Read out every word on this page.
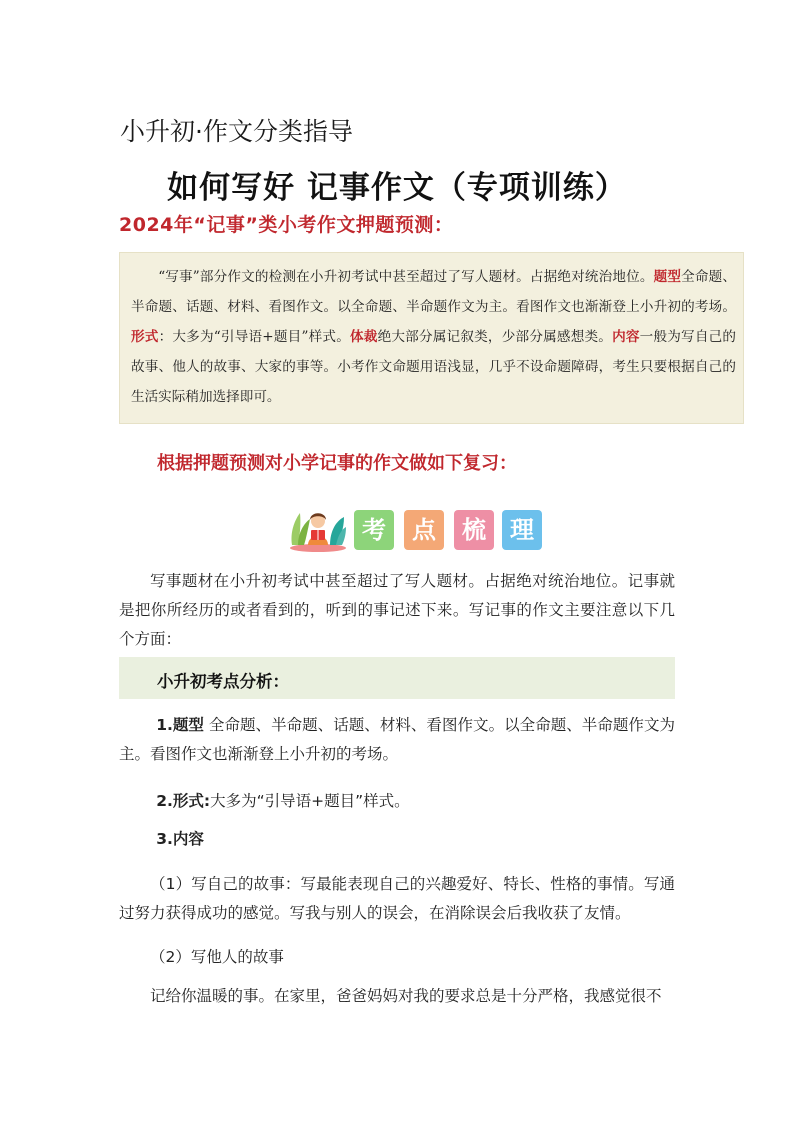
小升初·作文分类指导
如何写好 记事作文（专项训练）
2024年“记事”类小考作文押题预测：
“写事”部分作文的检测在小升初考试中甚至超过了写人题材。占据绝对统治地位。题型全命题、半命题、话题、材料、看图作文。以全命题、半命题作文为主。看图作文也渐渐登上小升初的考场。形式：大多为“引导语+题目”样式。体裁绝大部分属记叙类，少部分属感想类。内容一般为写自己的故事、他人的故事、大家的事等。小考作文命题用语浅显，几乎不设命题障碍，考生只要根据自己的生活实际稍加选择即可。
根据押题预测对小学记事的作文做如下复习：
考	点	梳	理
写事题材在小升初考试中甚至超过了写人题材。占据绝对统治地位。记事就是把你所经历的或者看到的，听到的事记述下来。写记事的作文主要注意以下几个方面：
小升初考点分析：
1.题型 全命题、半命题、话题、材料、看图作文。以全命题、半命题作文为主。看图作文也渐渐登上小升初的考场。
2.形式:大多为“引导语+题目”样式。
3.内容
（1）写自己的故事：写最能表现自己的兴趣爱好、特长、性格的事情。写通过努力获得成功的感觉。写我与别人的误会，在消除误会后我收获了友情。
（2）写他人的故事
记给你温暖的事。在家里，爸爸妈妈对我的要求总是十分严格，我感觉很不
